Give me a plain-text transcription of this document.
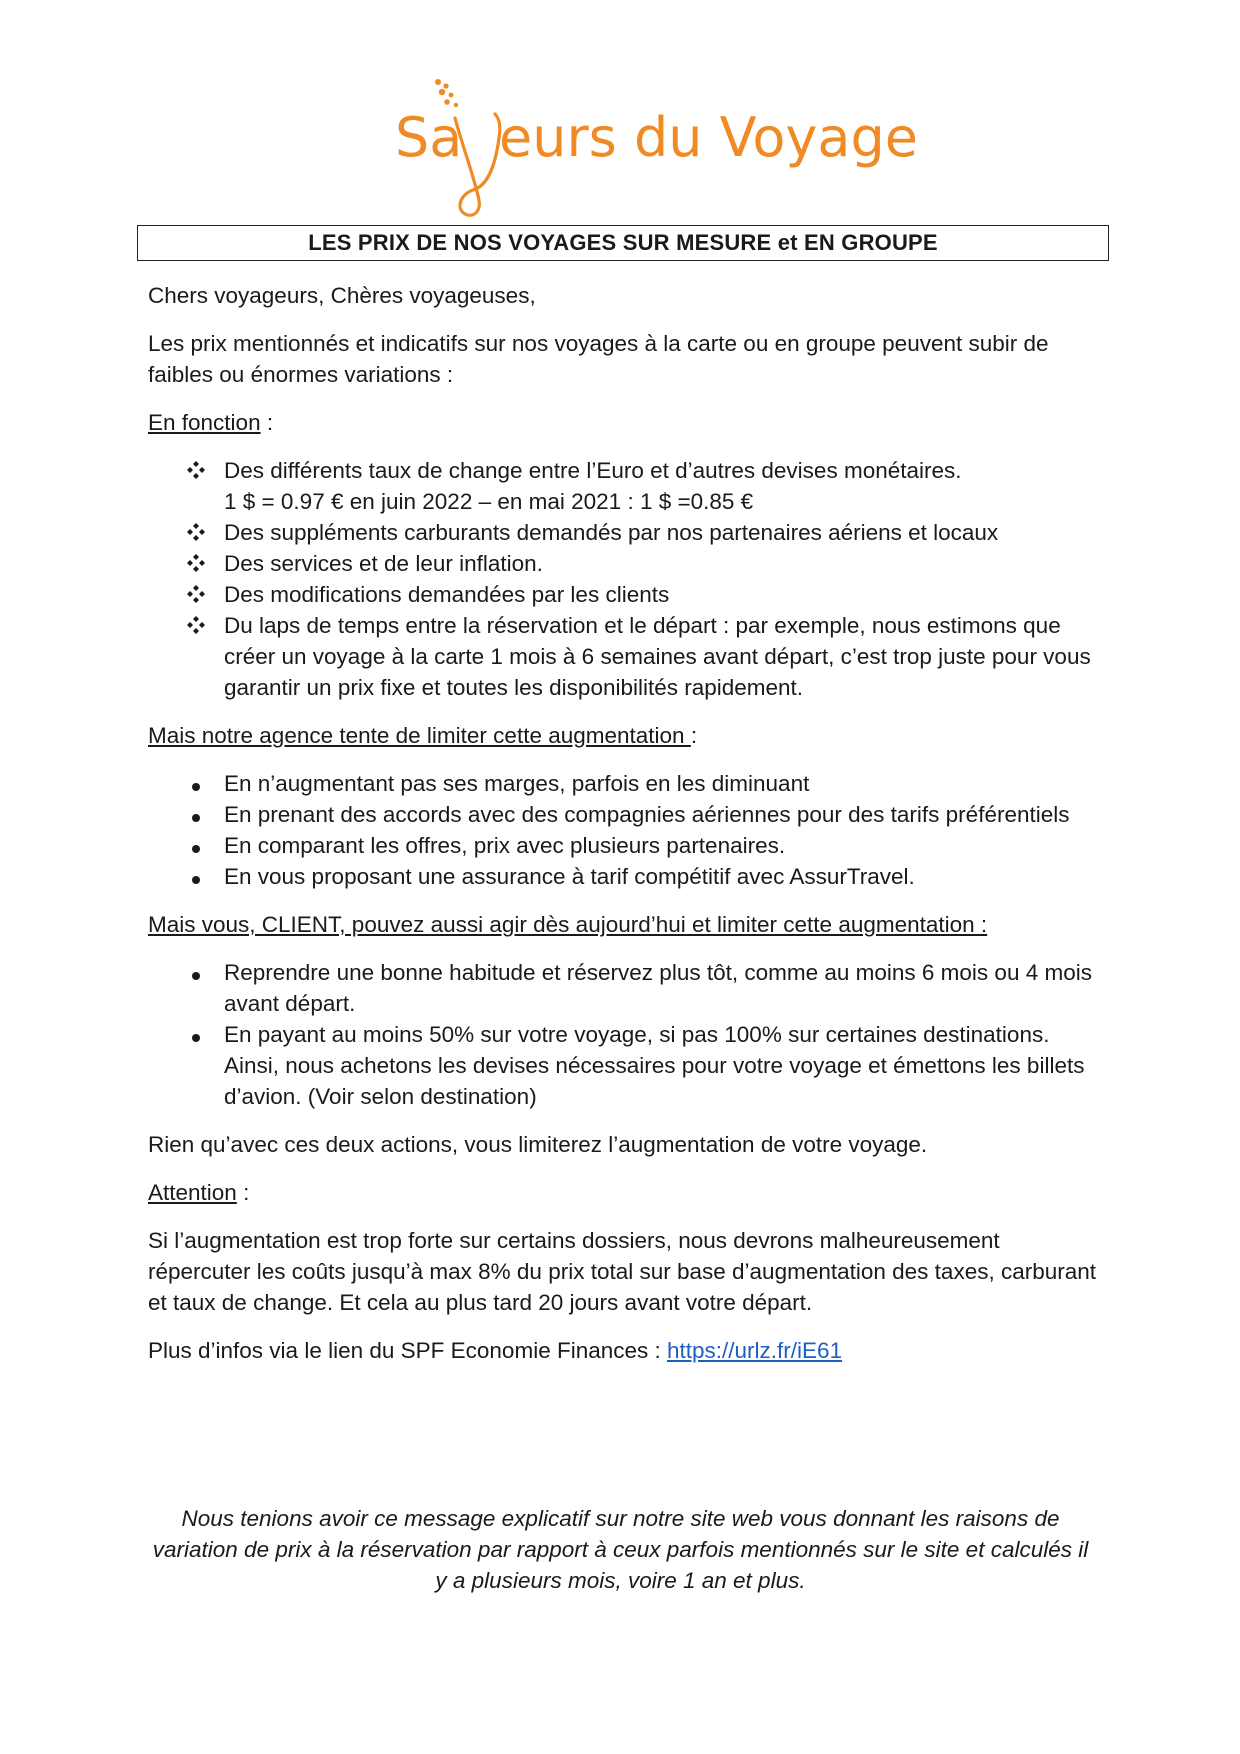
Sa eurs du Voyage
LES PRIX DE NOS VOYAGES SUR MESURE et EN GROUPE

Chers voyageurs, Chères voyageuses,

Les prix mentionnés et indicatifs sur nos voyages à la carte ou en groupe peuvent subir de faibles ou énormes variations :

En fonction :

Des différents taux de change entre l’Euro et d’autres devises monétaires.
1 $ = 0.97 € en juin 2022 – en mai 2021 : 1 $ =0.85 €
Des suppléments carburants demandés par nos partenaires aériens et locaux
Des services et de leur inflation.
Des modifications demandées par les clients
Du laps de temps entre la réservation et le départ : par exemple, nous estimons que créer un voyage à la carte 1 mois à 6 semaines avant départ, c’est trop juste pour vous garantir un prix fixe et toutes les disponibilités rapidement.

Mais notre agence tente de limiter cette augmentation :

En n’augmentant pas ses marges, parfois en les diminuant
En prenant des accords avec des compagnies aériennes pour des tarifs préférentiels
En comparant les offres, prix avec plusieurs partenaires.
En vous proposant une assurance à tarif compétitif avec AssurTravel.

Mais vous, CLIENT, pouvez aussi agir dès aujourd’hui et limiter cette augmentation :

Reprendre une bonne habitude et réservez plus tôt, comme au moins 6 mois ou 4 mois avant départ.
En payant au moins 50% sur votre voyage, si pas 100% sur certaines destinations. Ainsi, nous achetons les devises nécessaires pour votre voyage et émettons les billets d’avion. (Voir selon destination)

Rien qu’avec ces deux actions, vous limiterez l’augmentation de votre voyage.

Attention :

Si l’augmentation est trop forte sur certains dossiers, nous devrons malheureusement répercuter les coûts jusqu’à max 8% du prix total sur base d’augmentation des taxes, carburant et taux de change. Et cela au plus tard 20 jours avant votre départ.

Plus d’infos via le lien du SPF Economie Finances : https://urlz.fr/iE61

Nous tenions avoir ce message explicatif sur notre site web vous donnant les raisons de variation de prix à la réservation par rapport à ceux parfois mentionnés sur le site et calculés il y a plusieurs mois, voire 1 an et plus.
